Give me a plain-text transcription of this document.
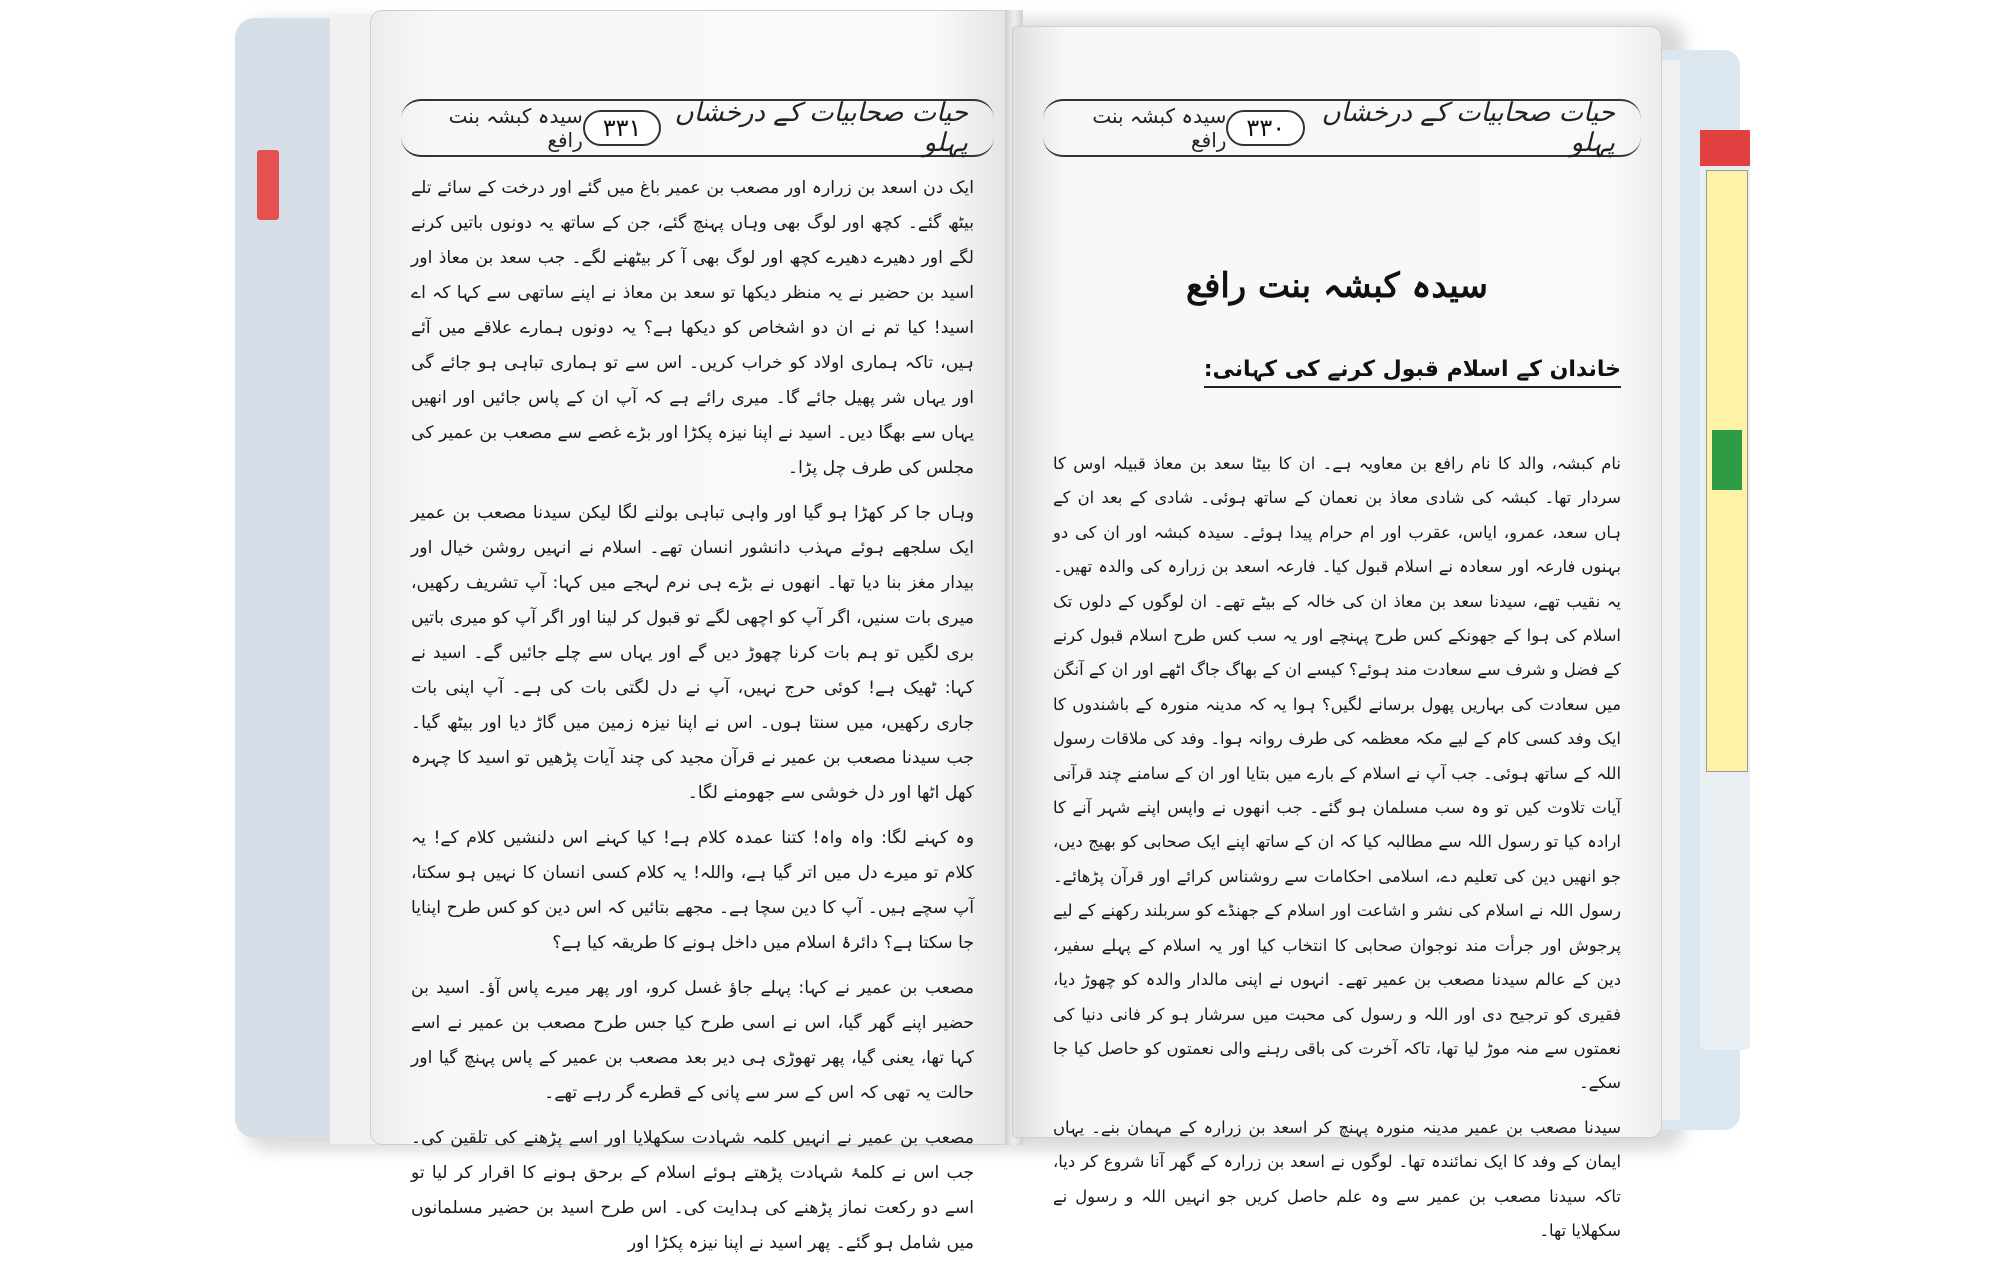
حیات صحابیات کے درخشاں پہلو
۳۳۱
سیدہ کبشہ بنت رافع

ایک دن اسعد بن زرارہ اور مصعب بن عمیر باغ میں گئے اور درخت کے سائے تلے بیٹھ گئے۔ کچھ اور لوگ بھی وہاں پہنچ گئے، جن کے ساتھ یہ دونوں باتیں کرنے لگے اور دھیرے دھیرے کچھ اور لوگ بھی آ کر بیٹھنے لگے۔ جب سعد بن معاذ اور اسید بن حضیر نے یہ منظر دیکھا تو سعد بن معاذ نے اپنے ساتھی سے کہا کہ اے اسید! کیا تم نے ان دو اشخاص کو دیکھا ہے؟ یہ دونوں ہمارے علاقے میں آئے ہیں، تاکہ ہماری اولاد کو خراب کریں۔ اس سے تو ہماری تباہی ہو جائے گی اور یہاں شر پھیل جائے گا۔ میری رائے ہے کہ آپ ان کے پاس جائیں اور انھیں یہاں سے بھگا دیں۔ اسید نے اپنا نیزہ پکڑا اور بڑے غصے سے مصعب بن عمیر کی مجلس کی طرف چل پڑا۔

وہاں جا کر کھڑا ہو گیا اور واہی تباہی بولنے لگا لیکن سیدنا مصعب بن عمیر ایک سلجھے ہوئے مہذب دانشور انسان تھے۔ اسلام نے انہیں روشن خیال اور بیدار مغز بنا دیا تھا۔ انھوں نے بڑے ہی نرم لہجے میں کہا: آپ تشریف رکھیں، میری بات سنیں، اگر آپ کو اچھی لگے تو قبول کر لینا اور اگر آپ کو میری باتیں بری لگیں تو ہم بات کرنا چھوڑ دیں گے اور یہاں سے چلے جائیں گے۔ اسید نے کہا: ٹھیک ہے! کوئی حرج نہیں، آپ نے دل لگتی بات کی ہے۔ آپ اپنی بات جاری رکھیں، میں سنتا ہوں۔ اس نے اپنا نیزہ زمین میں گاڑ دیا اور بیٹھ گیا۔ جب سیدنا مصعب بن عمیر نے قرآن مجید کی چند آیات پڑھیں تو اسید کا چہرہ کھل اٹھا اور دل خوشی سے جھومنے لگا۔

وہ کہنے لگا: واہ واہ! کتنا عمدہ کلام ہے! کیا کہنے اس دلنشیں کلام کے! یہ کلام تو میرے دل میں اتر گیا ہے، واللہ! یہ کلام کسی انسان کا نہیں ہو سکتا، آپ سچے ہیں۔ آپ کا دین سچا ہے۔ مجھے بتائیں کہ اس دین کو کس طرح اپنایا جا سکتا ہے؟ دائرۂ اسلام میں داخل ہونے کا طریقہ کیا ہے؟

مصعب بن عمیر نے کہا: پہلے جاؤ غسل کرو، اور پھر میرے پاس آؤ۔ اسید بن حضیر اپنے گھر گیا، اس نے اسی طرح کیا جس طرح مصعب بن عمیر نے اسے کہا تھا، یعنی گیا، پھر تھوڑی ہی دیر بعد مصعب بن عمیر کے پاس پہنچ گیا اور حالت یہ تھی کہ اس کے سر سے پانی کے قطرے گر رہے تھے۔

مصعب بن عمیر نے انہیں کلمہ شہادت سکھلایا اور اسے پڑھنے کی تلقین کی۔ جب اس نے کلمۂ شہادت پڑھتے ہوئے اسلام کے برحق ہونے کا اقرار کر لیا تو اسے دو رکعت نماز پڑھنے کی ہدایت کی۔ اس طرح اسید بن حضیر مسلمانوں میں شامل ہو گئے۔ پھر اسید نے اپنا نیزہ پکڑا اور

حیات صحابیات کے درخشاں پہلو
۳۳۰
سیدہ کبشہ بنت رافع
سیدہ کبشہ بنت رافع
خاندان کے اسلام قبول کرنے کی کہانی:

نام کبشہ، والد کا نام رافع بن معاویہ ہے۔ ان کا بیٹا سعد بن معاذ قبیلہ اوس کا سردار تھا۔ کبشہ کی شادی معاذ بن نعمان کے ساتھ ہوئی۔ شادی کے بعد ان کے ہاں سعد، عمرو، ایاس، عقرب اور ام حرام پیدا ہوئے۔ سیدہ کبشہ اور ان کی دو بہنوں فارعہ اور سعادہ نے اسلام قبول کیا۔ فارعہ اسعد بن زرارہ کی والدہ تھیں۔ یہ نقیب تھے، سیدنا سعد بن معاذ ان کی خالہ کے بیٹے تھے۔ ان لوگوں کے دلوں تک اسلام کی ہوا کے جھونکے کس طرح پہنچے اور یہ سب کس طرح اسلام قبول کرنے کے فضل و شرف سے سعادت مند ہوئے؟ کیسے ان کے بھاگ جاگ اٹھے اور ان کے آنگن میں سعادت کی بہاریں پھول برسانے لگیں؟ ہوا یہ کہ مدینہ منورہ کے باشندوں کا ایک وفد کسی کام کے لیے مکہ معظمہ کی طرف روانہ ہوا۔ وفد کی ملاقات رسول اللہ کے ساتھ ہوئی۔ جب آپ نے اسلام کے بارے میں بتایا اور ان کے سامنے چند قرآنی آیات تلاوت کیں تو وہ سب مسلمان ہو گئے۔ جب انھوں نے واپس اپنے شہر آنے کا ارادہ کیا تو رسول اللہ سے مطالبہ کیا کہ ان کے ساتھ اپنے ایک صحابی کو بھیج دیں، جو انھیں دین کی تعلیم دے، اسلامی احکامات سے روشناس کرائے اور قرآن پڑھائے۔ رسول اللہ نے اسلام کی نشر و اشاعت اور اسلام کے جھنڈے کو سربلند رکھنے کے لیے پرجوش اور جرأت مند نوجوان صحابی کا انتخاب کیا اور یہ اسلام کے پہلے سفیر، دین کے عالم سیدنا مصعب بن عمیر تھے۔ انہوں نے اپنی مالدار والدہ کو چھوڑ دیا، فقیری کو ترجیح دی اور اللہ و رسول کی محبت میں سرشار ہو کر فانی دنیا کی نعمتوں سے منہ موڑ لیا تھا، تاکہ آخرت کی باقی رہنے والی نعمتوں کو حاصل کیا جا سکے۔

سیدنا مصعب بن عمیر مدینہ منورہ پہنچ کر اسعد بن زرارہ کے مہمان بنے۔ یہاں ایمان کے وفد کا ایک نمائندہ تھا۔ لوگوں نے اسعد بن زرارہ کے گھر آنا شروع کر دیا، تاکہ سیدنا مصعب بن عمیر سے وہ علم حاصل کریں جو انہیں اللہ و رسول نے سکھلایا تھا۔
